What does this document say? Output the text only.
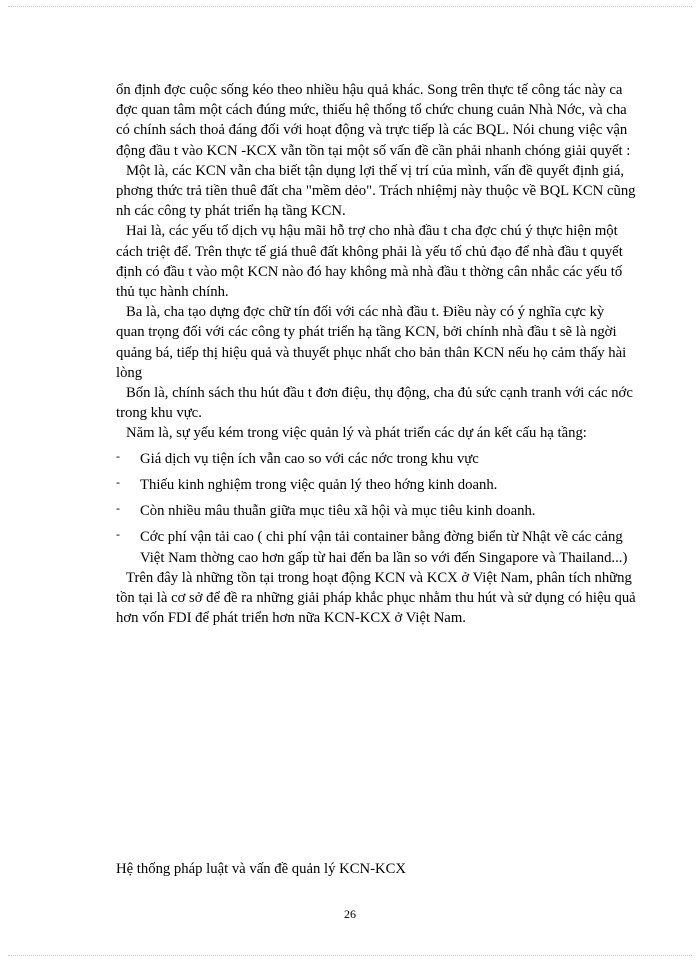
ổn định đợc cuộc sống kéo theo nhiều hậu quả khác. Song trên thực tế công tác này ca đợc quan tâm một cách đúng mức, thiếu hệ thống tổ chức chung cuản Nhà Nớc, và cha có chính sách thoả đáng đối với hoạt động và trực tiếp là các BQL. Nói chung việc vận động đầu t vào KCN -KCX vẫn tồn tại một số vấn đề cần phải nhanh chóng giải quyết :

Một là, các KCN vẫn cha biết tận dụng lợi thế vị trí của mình, vấn đề quyết định giá, phơng thức trả tiền thuê đất cha "mềm dẻo". Trách nhiệmj này thuộc về BQL KCN cũng nh các công ty phát triển hạ tầng KCN.

Hai là, các yếu tố dịch vụ hậu mãi hỗ trợ cho nhà đầu t cha đợc chú ý thực hiện một cách triệt để. Trên thực tế giá thuê đất không phải là yếu tố chủ đạo để nhà đầu t quyết định có đầu t vào một KCN nào đó hay không mà nhà đầu t thờng cân nhắc các yếu tố thủ tục hành chính.

Ba là, cha tạo dựng đợc chữ tín đối với các nhà đầu t. Điều này có ý nghĩa cực kỳ quan trọng đối với các công ty phát triển hạ tầng KCN, bởi chính nhà đầu t sẽ là ngời quảng bá, tiếp thị hiệu quả và thuyết phục nhất cho bản thân KCN nếu họ cảm thấy hài lòng

Bốn là, chính sách thu hút đầu t đơn điệu, thụ động, cha đủ sức cạnh tranh với các nớc trong khu vực.

Năm là, sự yếu kém trong việc quản lý và phát triển các dự án kết cấu hạ tầng:

- Giá dịch vụ tiện ích vẫn cao so với các nớc trong khu vực
- Thiếu kinh nghiệm trong việc quản lý theo hớng kinh doanh.
- Còn nhiều mâu thuẫn giữa mục tiêu xã hội và mục tiêu kinh doanh.
- Cớc phí vận tải cao ( chi phí vận tải container bằng đờng biển từ Nhật về các cảng Việt Nam thờng cao hơn gấp từ hai đến ba lần so với đến Singapore và Thailand...)

Trên đây là những tồn tại trong hoạt động KCN và KCX ở Việt Nam, phân tích những tồn tại là cơ sở để đề ra những giải pháp khắc phục nhằm thu hút và sử dụng có hiệu quả hơn vốn FDI để phát triển hơn nữa KCN-KCX ở Việt Nam.

Hệ thống pháp luật và vấn đề quản lý KCN-KCX
26
